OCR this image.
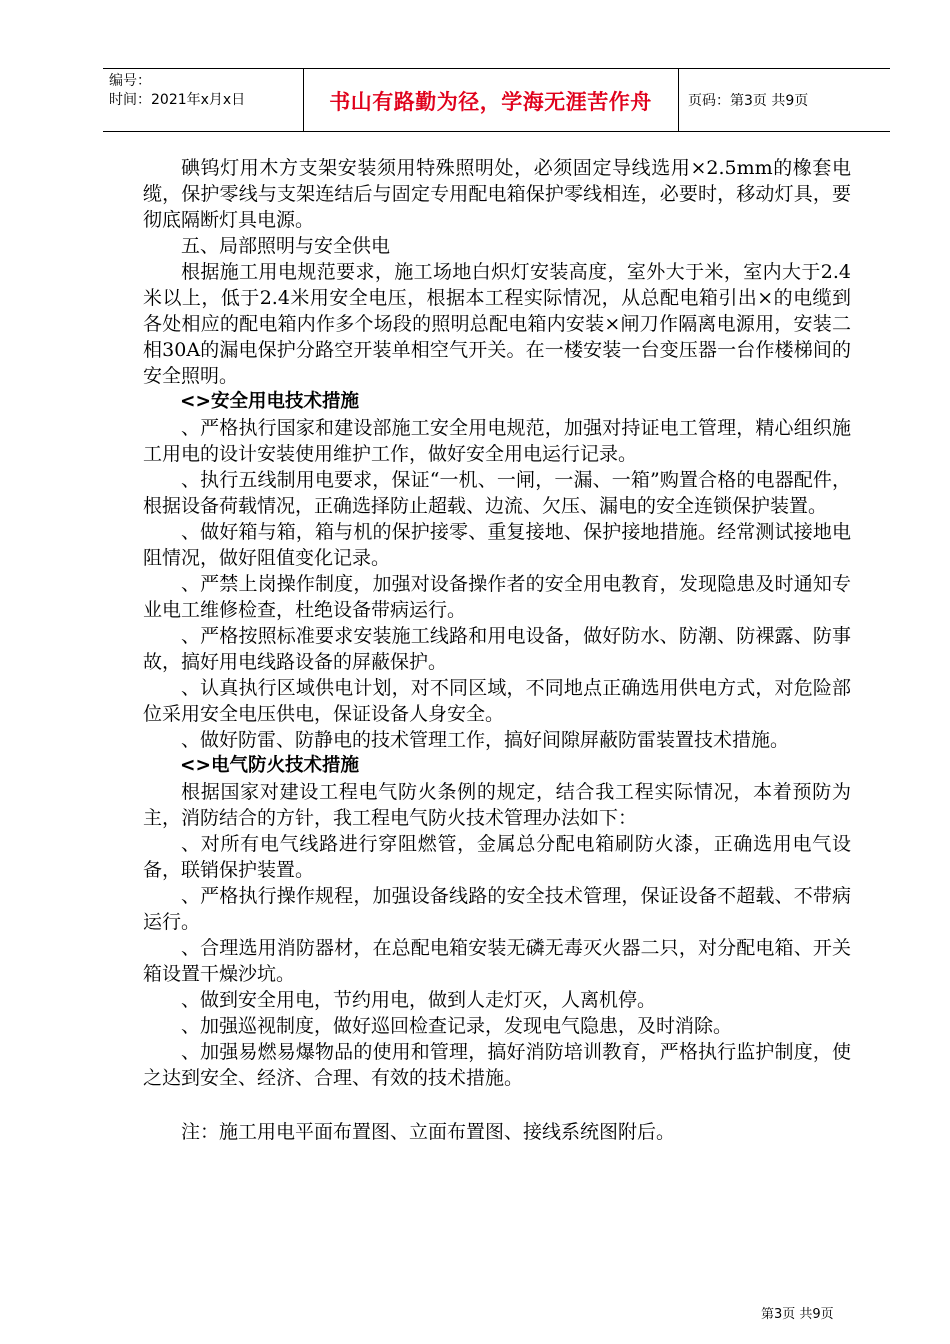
编号：
时间：2021年x月x日	书山有路勤为径，学海无涯苦作舟	页码：第3页 共9页

碘钨灯用木方支架安装须用特殊照明处，必须固定导线选用×2.5mm的橡套电缆，保护零线与支架连结后与固定专用配电箱保护零线相连，必要时，移动灯具，要彻底隔断灯具电源。

五、局部照明与安全供电

根据施工用电规范要求，施工场地白炽灯安装高度，室外大于米，室内大于2.4米以上，低于2.4米用安全电压，根据本工程实际情况，从总配电箱引出×的电缆到各处相应的配电箱内作多个场段的照明总配电箱内安装×闸刀作隔离电源用，安装二相30A的漏电保护分路空开装单相空气开关。在一楼安装一台变压器一台作楼梯间的安全照明。

<>安全用电技术措施

、严格执行国家和建设部施工安全用电规范，加强对持证电工管理，精心组织施工用电的设计安装使用维护工作，做好安全用电运行记录。

、执行五线制用电要求，保证“一机、一闸，一漏、一箱”购置合格的电器配件，根据设备荷载情况，正确选择防止超载、边流、欠压、漏电的安全连锁保护装置。

、做好箱与箱，箱与机的保护接零、重复接地、保护接地措施。经常测试接地电阻情况，做好阻值变化记录。

、严禁上岗操作制度，加强对设备操作者的安全用电教育，发现隐患及时通知专业电工维修检查，杜绝设备带病运行。

、严格按照标准要求安装施工线路和用电设备，做好防水、防潮、防裸露、防事故，搞好用电线路设备的屏蔽保护。

、认真执行区域供电计划，对不同区域，不同地点正确选用供电方式，对危险部位采用安全电压供电，保证设备人身安全。

、做好防雷、防静电的技术管理工作，搞好间隙屏蔽防雷装置技术措施。

<>电气防火技术措施

根据国家对建设工程电气防火条例的规定，结合我工程实际情况，本着预防为主，消防结合的方针，我工程电气防火技术管理办法如下：

、对所有电气线路进行穿阻燃管，金属总分配电箱刷防火漆，正确选用电气设备，联销保护装置。

、严格执行操作规程，加强设备线路的安全技术管理，保证设备不超载、不带病运行。

、合理选用消防器材，在总配电箱安装无磷无毒灭火器二只，对分配电箱、开关箱设置干燥沙坑。

、做到安全用电，节约用电，做到人走灯灭，人离机停。

、加强巡视制度，做好巡回检查记录，发现电气隐患，及时消除。

、加强易燃易爆物品的使用和管理，搞好消防培训教育，严格执行监护制度，使之达到安全、经济、合理、有效的技术措施。

注：施工用电平面布置图、立面布置图、接线系统图附后。

第3页 共9页
